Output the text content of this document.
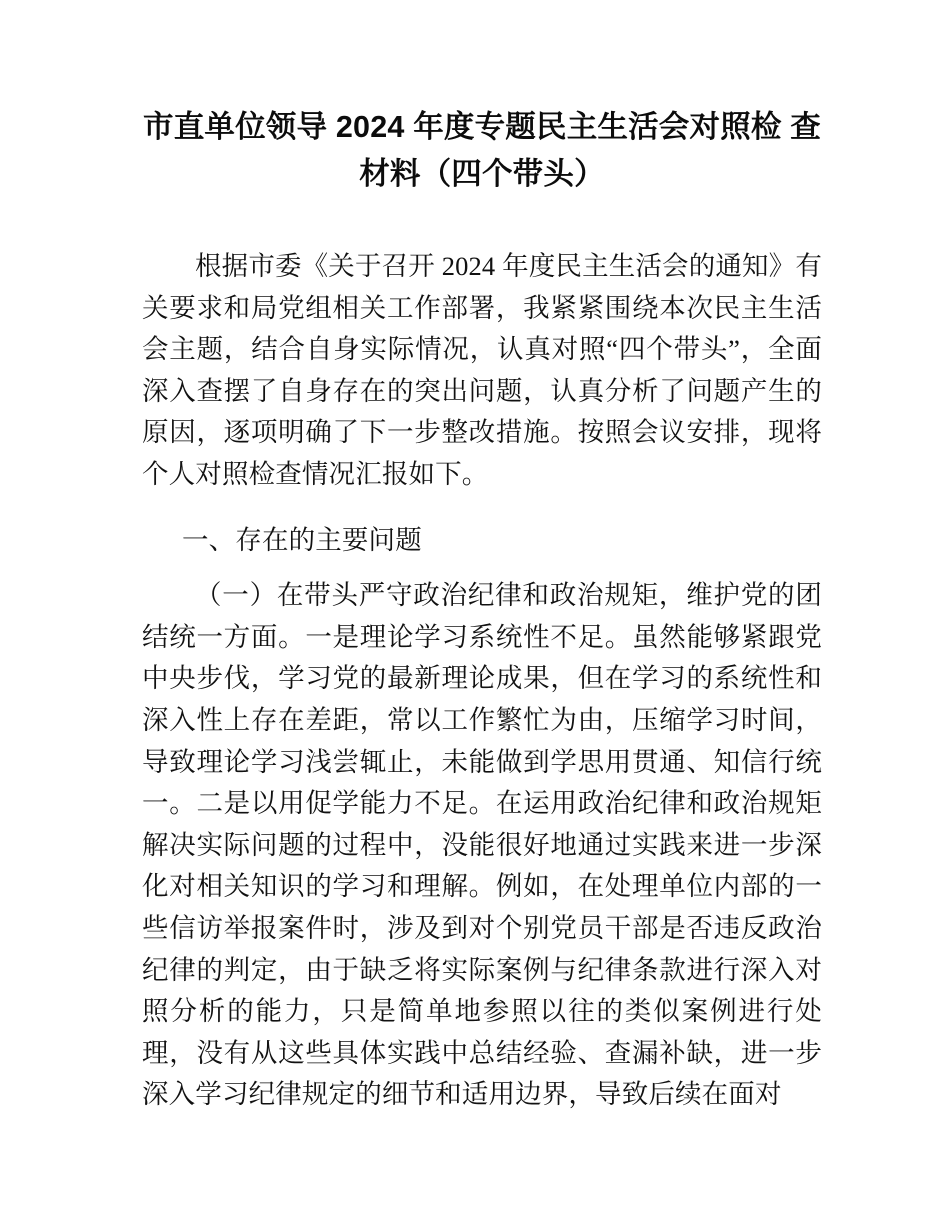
市直单位领导 2024 年度专题民主生活会对照检 查材料（四个带头）

根据市委《关于召开 2024 年度民主生活会的通知》有关要求和局党组相关工作部署，我紧紧围绕本次民主生活会主题，结合自身实际情况，认真对照“四个带头”，全面深入查摆了自身存在的突出问题，认真分析了问题产生的原因，逐项明确了下一步整改措施。按照会议安排，现将个人对照检查情况汇报如下。

一、存在的主要问题

（一）在带头严守政治纪律和政治规矩，维护党的团结统一方面。一是理论学习系统性不足。虽然能够紧跟党中央步伐，学习党的最新理论成果，但在学习的系统性和深入性上存在差距，常以工作繁忙为由，压缩学习时间，导致理论学习浅尝辄止，未能做到学思用贯通、知信行统一。二是以用促学能力不足。在运用政治纪律和政治规矩解决实际问题的过程中，没能很好地通过实践来进一步深化对相关知识的学习和理解。例如，在处理单位内部的一些信访举报案件时，涉及到对个别党员干部是否违反政治纪律的判定，由于缺乏将实际案例与纪律条款进行深入对照分析的能力，只是简单地参照以往的类似案例进行处理，没有从这些具体实践中总结经验、查漏补缺，进一步深入学习纪律规定的细节和适用边界，导致后续在面对
